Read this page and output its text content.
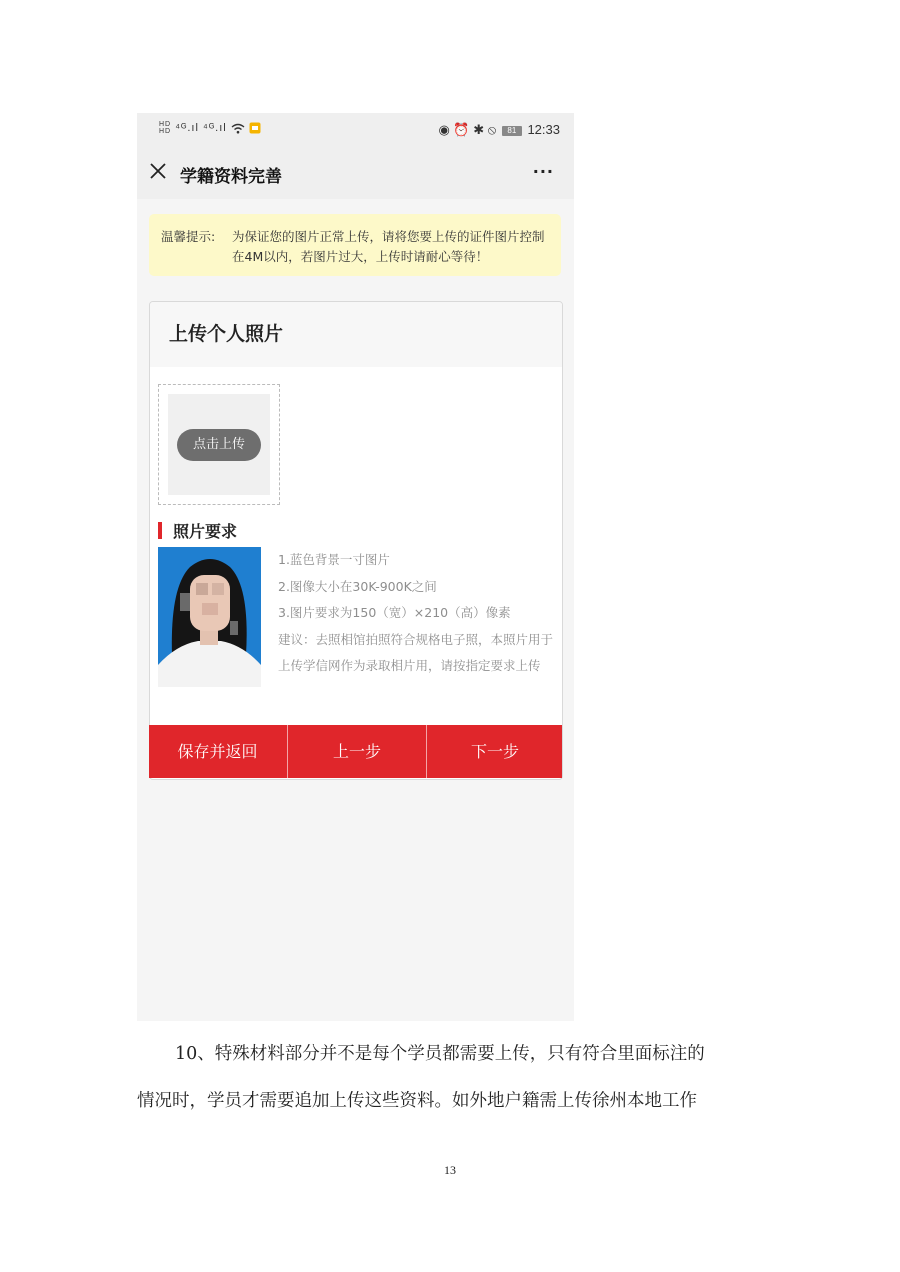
HD
HD ⁴ᴳ.ıl ⁴ᴳ.ıl	◉ ⏰ ✱ ⦸ 81 12:33
学籍资料完善	···
温馨提示: 为保证您的图片正常上传，请将您要上传的证件图片控制在4M以内，若图片过大，上传时请耐心等待！
上传个人照片
点击上传
照片要求
1.蓝色背景一寸图片
2.图像大小在30K-900K之间
3.图片要求为150（宽）×210（高）像素
建议：去照相馆拍照符合规格电子照，本照片用于上传学信网作为录取相片用，请按指定要求上传
保存并返回	上一步	下一步
10、特殊材料部分并不是每个学员都需要上传，只有符合里面标注的
情况时，学员才需要追加上传这些资料。如外地户籍需上传徐州本地工作
13
